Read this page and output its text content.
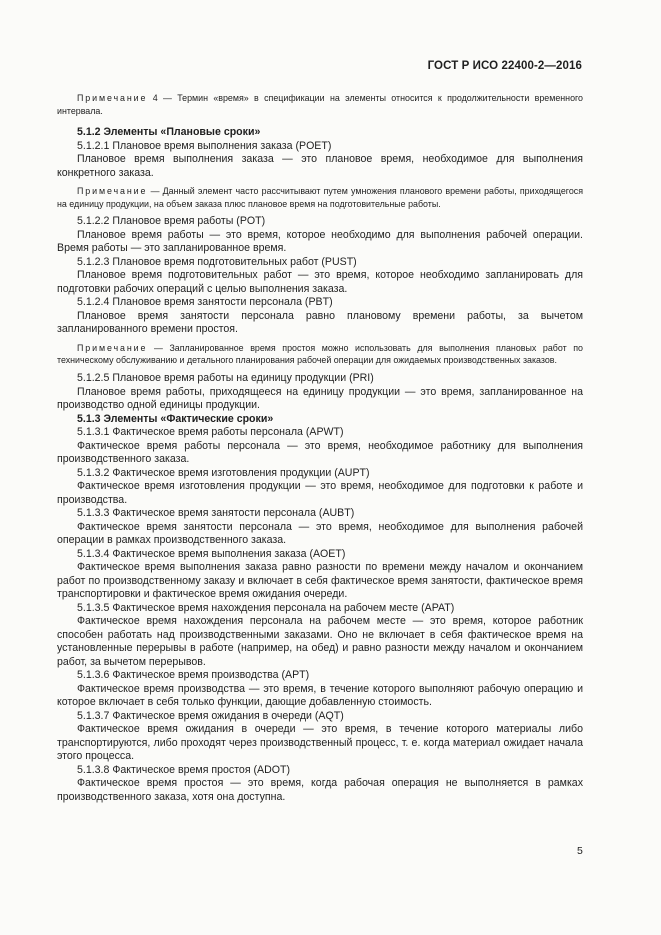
ГОСТ Р ИСО 22400-2—2016

Примечание 4 — Термин «время» в спецификации на элементы относится к продолжительности временного интервала.

5.1.2 Элементы «Плановые сроки»

5.1.2.1 Плановое время выполнения заказа (POET)

Плановое время выполнения заказа — это плановое время, необходимое для выполнения конкретного заказа.

Примечание — Данный элемент часто рассчитывают путем умножения планового времени работы, приходящегося на единицу продукции, на объем заказа плюс плановое время на подготовительные работы.

5.1.2.2 Плановое время работы (POT)

Плановое время работы — это время, которое необходимо для выполнения рабочей операции. Время работы — это запланированное время.

5.1.2.3 Плановое время подготовительных работ (PUST)

Плановое время подготовительных работ — это время, которое необходимо запланировать для подготовки рабочих операций с целью выполнения заказа.

5.1.2.4 Плановое время занятости персонала (PBT)

Плановое время занятости персонала равно плановому времени работы, за вычетом запланированного времени простоя.

Примечание — Запланированное время простоя можно использовать для выполнения плановых работ по техническому обслуживанию и детального планирования рабочей операции для ожидаемых производственных заказов.

5.1.2.5 Плановое время работы на единицу продукции (PRI)

Плановое время работы, приходящееся на единицу продукции — это время, запланированное на производство одной единицы продукции.

5.1.3 Элементы «Фактические сроки»

5.1.3.1 Фактическое время работы персонала (APWT)

Фактическое время работы персонала — это время, необходимое работнику для выполнения производственного заказа.

5.1.3.2 Фактическое время изготовления продукции (AUPT)

Фактическое время изготовления продукции — это время, необходимое для подготовки к работе и производства.

5.1.3.3 Фактическое время занятости персонала (AUBT)

Фактическое время занятости персонала — это время, необходимое для выполнения рабочей операции в рамках производственного заказа.

5.1.3.4 Фактическое время выполнения заказа (AOET)

Фактическое время выполнения заказа равно разности по времени между началом и окончанием работ по производственному заказу и включает в себя фактическое время занятости, фактическое время транспортировки и фактическое время ожидания очереди.

5.1.3.5 Фактическое время нахождения персонала на рабочем месте (APAT)

Фактическое время нахождения персонала на рабочем месте — это время, которое работник способен работать над производственными заказами. Оно не включает в себя фактическое время на установленные перерывы в работе (например, на обед) и равно разности между началом и окончанием работ, за вычетом перерывов.

5.1.3.6 Фактическое время производства (APT)

Фактическое время производства — это время, в течение которого выполняют рабочую операцию и которое включает в себя только функции, дающие добавленную стоимость.

5.1.3.7 Фактическое время ожидания в очереди (AQT)

Фактическое время ожидания в очереди — это время, в течение которого материалы либо транспортируются, либо проходят через производственный процесс, т. е. когда материал ожидает начала этого процесса.

5.1.3.8 Фактическое время простоя (ADOT)

Фактическое время простоя — это время, когда рабочая операция не выполняется в рамках производственного заказа, хотя она доступна.

5
